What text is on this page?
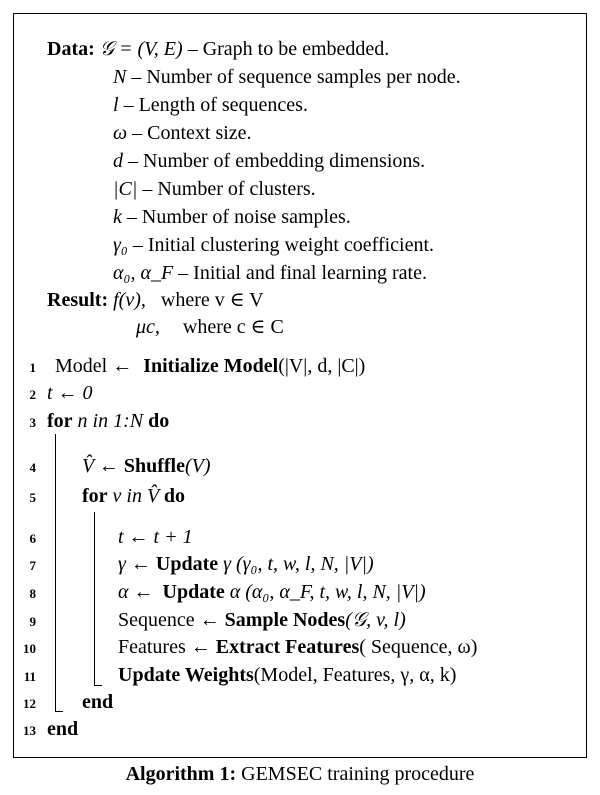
Data: 𝒢 = (V, E) – Graph to be embedded.
N – Number of sequence samples per node.
l – Length of sequences.
ω – Context size.
d – Number of embedding dimensions.
|C| – Number of clusters.
k – Number of noise samples.
γ₀ – Initial clustering weight coefficient.
α₀, α_F – Initial and final learning rate.
Result: f(v), where v ∈ V
μc, where c ∈ C
1
2
3
4
5
6
7
8
9
10
11
12
13
Model ← Initialize Model(|V|, d, |C|)
t ← 0
for n in 1:N do
V̂ ← Shuffle(V)
for v in V̂ do
t ← t + 1
γ ← Update γ (γ₀, t, w, l, N, |V|)
α ← Update α (α₀, α_F, t, w, l, N, |V|)
Sequence ← Sample Nodes(𝒢, v, l)
Features ← Extract Features( Sequence, ω)
Update Weights(Model, Features, γ, α, k)
end
end
Algorithm 1: GEMSEC training procedure
